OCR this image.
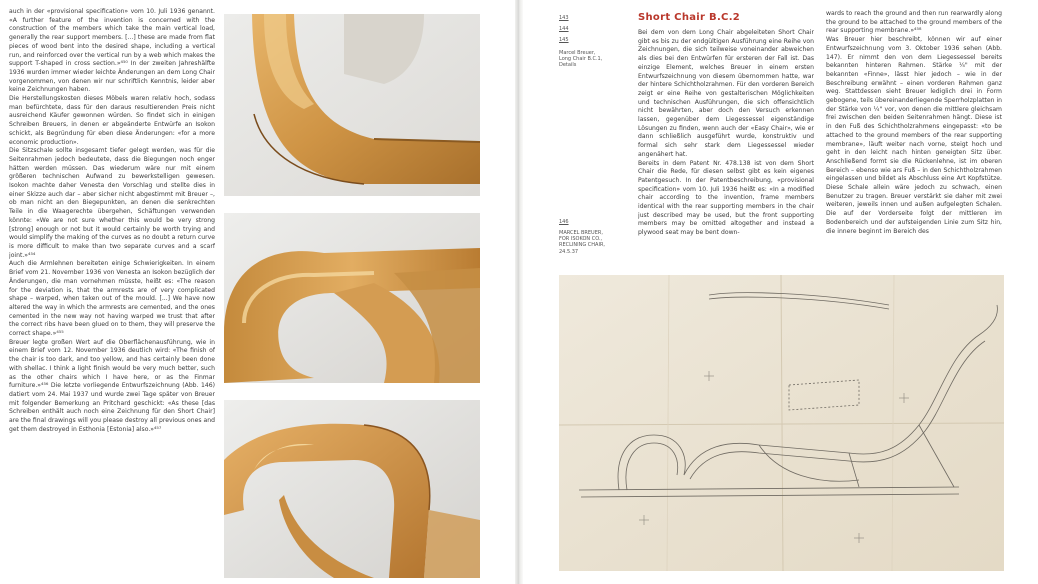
auch in der «provisional specification» vom 10. Juli 1936 genannt. «A further feature of the invention is concerned with the construction of the members which take the main vertical load, generally the rear support members. [...] these are made from flat pieces of wood bent into the desired shape, including a vertical run, and reinforced over the vertical run by a web which makes the support T-shaped in cross section.»⁴⁵⁰ In der zweiten Jahreshälfte 1936 wurden immer wieder leichte Änderungen an dem Long Chair vorgenommen, von denen wir nur schriftlich Kenntnis, leider aber keine Zeichnungen haben.
Die Herstellungskosten dieses Möbels waren relativ hoch, sodass man befürchtete, dass für den daraus resultierenden Preis nicht ausreichend Käufer gewonnen würden. So findet sich in einigen Schreiben Breuers, in denen er abgeänderte Entwürfe an Isokon schickt, als Begründung für eben diese Änderungen: «for a more economic production».
Die Sitzschale sollte insgesamt tiefer gelegt werden, was für die Seitenrahmen jedoch bedeutete, dass die Biegungen noch enger hätten werden müssen. Das wiederum wäre nur mit einem größeren technischen Aufwand zu bewerkstelligen gewesen. Isokon machte daher Venesta den Vorschlag und stellte dies in einer Skizze auch dar – aber sicher nicht abgestimmt mit Breuer –, ob man nicht an den Biegepunkten, an denen die senkrechten Teile in die Waagerechte übergehen, Schäftungen verwenden könnte: «We are not sure whether this would be very strong [strong] enough or not but it would certainly be worth trying and would simplify the making of the curves as no doubt a return curve is more difficult to make than two separate curves and a scarf joint.»⁴⁵⁴
Auch die Armlehnen bereiteten einige Schwierigkeiten. In einem Brief vom 21. November 1936 von Venesta an Isokon bezüglich der Änderungen, die man vornehmen müsste, heißt es: «The reason for the deviation is, that the armrests are of very complicated shape – warped, when taken out of the mould. [...] We have now altered the way in which the armrests are cemented, and the ones cemented in the new way not having warped we trust that after the correct ribs have been glued on to them, they will preserve the correct shape.»⁴⁵⁵
Breuer legte großen Wert auf die Oberflächenausführung, wie in einem Brief vom 12. November 1936 deutlich wird: «The finish of the chair is too dark, and too yellow, and has certainly been done with shellac. I think a light finish would be very much better, such as the other chairs which I have here, or as the Finmar furniture.»⁴⁵⁶ Die letzte vorliegende Entwurfszeichnung (Abb. 146) datiert vom 24. Mai 1937 und wurde zwei Tage später von Breuer mit folgender Bemerkung an Pritchard geschickt: «As these [das Schreiben enthält auch noch eine Zeichnung für den Short Chair] are the final drawings will you please destroy all previous ones and get them destroyed in Esthonia [Estonia] also.»⁴⁵⁷
143
144
145
Marcel Breuer,
Long Chair B.C.1,
Details
146
MARCEL BREUER,
FOR ISOKON CO.,
RECLINING CHAIR,
24.5.37
Short Chair B.C.2
Bei dem von dem Long Chair abgeleiteten Short Chair gibt es bis zu der endgültigen Ausführung eine Reihe von Zeichnungen, die sich teilweise voneinander abweichen als dies bei den Entwürfen für ersteren der Fall ist. Das einzige Element, welches Breuer in einem ersten Entwurfszeichnung von diesem übernommen hatte, war der hintere Schichtholzrahmen. Für den vorderen Bereich zeigt er eine Reihe von gestalterischen Möglichkeiten und technischen Ausführungen, die sich offensichtlich nicht bewährten, aber doch den Versuch erkennen lassen, gegenüber dem Liegessessel eigenständige Lösungen zu finden, wenn auch der «Easy Chair», wie er dann schließlich ausgeführt wurde, konstruktiv und formal sich sehr stark dem Liegessessel wieder angenähert hat.
Bereits in dem Patent Nr. 478.138 ist von dem Short Chair die Rede, für diesen selbst gibt es kein eigenes Patentgesuch. In der Patentbeschreibung, «provisional specification» vom 10. Juli 1936 heißt es: «In a modified chair according to the invention, frame members identical with the rear supporting members in the chair just described may be used, but the front supporting members may be omitted altogether and instead a plywood seat may be bent down-
wards to reach the ground and then run rearwardly along the ground to be attached to the ground members of the rear supporting membrane.»⁴⁵⁸
Was Breuer hier beschreibt, können wir auf einer Entwurfszeichnung vom 3. Oktober 1936 sehen (Abb. 147). Er nimmt den von dem Liegessessel bereits bekannten hinteren Rahmen. Stärke ¼" mit der bekannten «Finne», lässt hier jedoch – wie in der Beschreibung erwähnt – einen vorderen Rahmen ganz weg. Stattdessen sieht Breuer lediglich drei in Form gebogene, teils übereinanderliegende Sperrholzplatten in der Stärke von ¼" vor, von denen die mittlere gleichsam frei zwischen den beiden Seitenrahmen hängt. Diese ist in den Fuß des Schichtholzrahmens eingepasst: «to be attached to the ground members of the rear supporting membrane», läuft weiter nach vorne, steigt hoch und geht in den leicht nach hinten geneigten Sitz über. Anschließend formt sie die Rückenlehne, ist im oberen Bereich – ebenso wie ars Fuß – in den Schichtholzrahmen eingelassen und bildet als Abschluss eine Art Kopfstütze. Diese Schale allein wäre jedoch zu schwach, einen Benutzer zu tragen. Breuer verstärkt sie daher mit zwei weiteren, jeweils innen und außen aufgelegten Schalen. Die auf der Vorderseite folgt der mittleren im Bodenbereich und der aufsteigenden Linie zum Sitz hin, die innere beginnt im Bereich des
